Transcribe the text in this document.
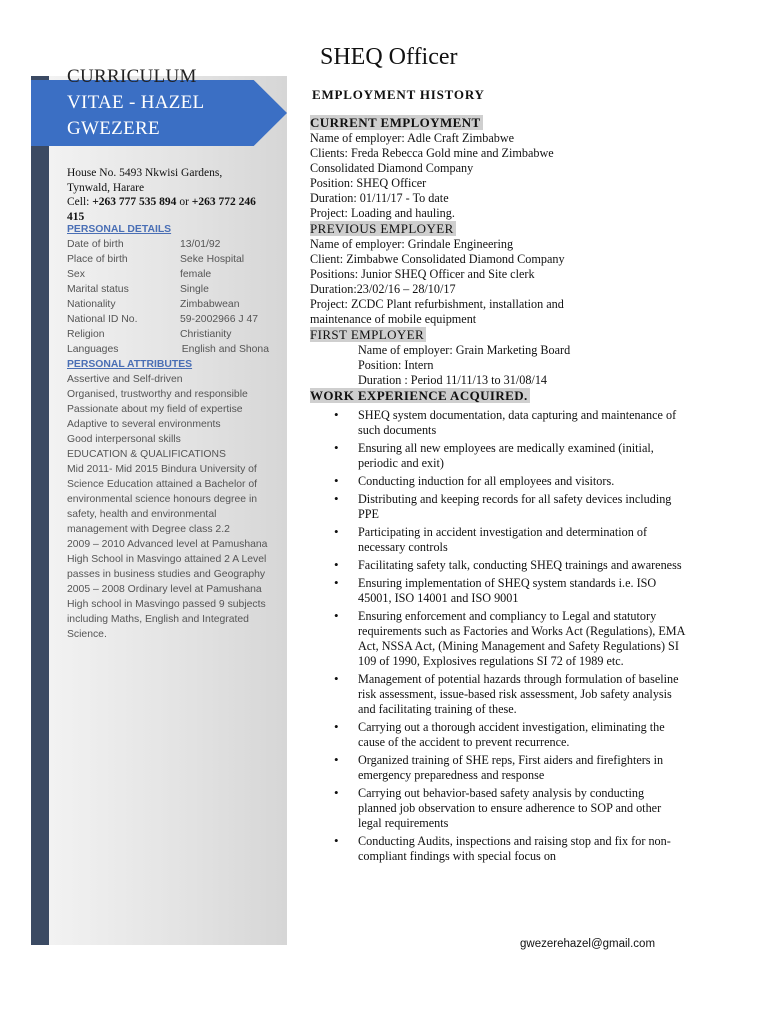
CURRICULUM
VITAE - HAZEL
GWEZERE
House No. 5493 Nkwisi Gardens,
Tynwald, Harare
Cell: +263 777 535 894 or +263 772 246 415
PERSONAL DETAILS
Date of birth	13/01/92
Place of birth	Seke Hospital
Sex	female
Marital status	Single
Nationality	Zimbabwean
National ID No.	59-2002966 J 47
Religion	Christianity
Languages	English and Shona
PERSONAL ATTRIBUTES
Assertive and Self-driven
Organised, trustworthy and responsible
Passionate about my field of expertise
Adaptive to several environments
Good interpersonal skills
EDUCATION & QUALIFICATIONS
Mid 2011- Mid 2015 Bindura University of Science Education attained a Bachelor of environmental science honours degree in safety, health and environmental management with Degree class 2.2
2009 – 2010 Advanced level at Pamushana High School in Masvingo attained 2 A Level passes in business studies and Geography
2005 – 2008 Ordinary level at Pamushana High school in Masvingo passed 9 subjects including Maths, English and Integrated Science.
SHEQ Officer
EMPLOYMENT HISTORY
CURRENT EMPLOYMENT
Name of employer: Adle Craft Zimbabwe
Clients: Freda Rebecca Gold mine and Zimbabwe
Consolidated Diamond Company
Position: SHEQ Officer
Duration: 01/11/17 - To date
Project: Loading and hauling.
PREVIOUS EMPLOYER
Name of employer: Grindale Engineering
Client: Zimbabwe Consolidated Diamond Company
Positions: Junior SHEQ Officer and Site clerk
Duration:23/02/16 – 28/10/17
Project: ZCDC Plant refurbishment, installation and
maintenance of mobile equipment
FIRST EMPLOYER
Name of employer: Grain Marketing Board
Position: Intern
Duration : Period 11/11/13 to 31/08/14
WORK EXPERIENCE ACQUIRED.
• SHEQ system documentation, data capturing and maintenance of such documents
• Ensuring all new employees are medically examined (initial, periodic and exit)
• Conducting induction for all employees and visitors.
• Distributing and keeping records for all safety devices including PPE
• Participating in accident investigation and determination of necessary controls
• Facilitating safety talk, conducting SHEQ trainings and awareness
• Ensuring implementation of SHEQ system standards i.e. ISO 45001, ISO 14001 and ISO 9001
• Ensuring enforcement and compliancy to Legal and statutory requirements such as Factories and Works Act (Regulations), EMA Act, NSSA Act, (Mining Management and Safety Regulations) SI 109 of 1990, Explosives regulations SI 72 of 1989 etc.
• Management of potential hazards through formulation of baseline risk assessment, issue-based risk assessment, Job safety analysis and facilitating training of these.
• Carrying out a thorough accident investigation, eliminating the cause of the accident to prevent recurrence.
• Organized training of SHE reps, First aiders and firefighters in emergency preparedness and response
• Carrying out behavior-based safety analysis by conducting planned job observation to ensure adherence to SOP and other legal requirements
• Conducting Audits, inspections and raising stop and fix for non-compliant findings with special focus on
gwezerehazel@gmail.com
